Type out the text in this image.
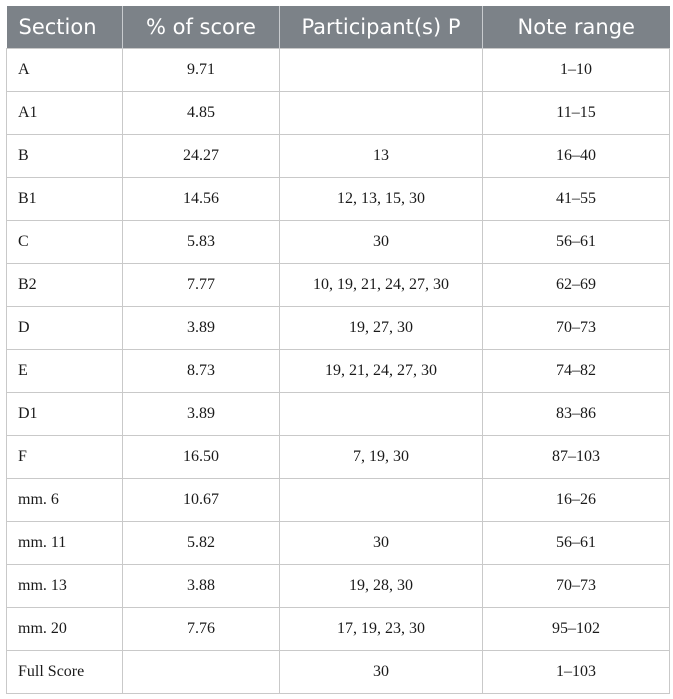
Section	% of score	Participant(s) P	Note range
A	9.71		1–10
A1	4.85		11–15
B	24.27	13	16–40
B1	14.56	12, 13, 15, 30	41–55
C	5.83	30	56–61
B2	7.77	10, 19, 21, 24, 27, 30	62–69
D	3.89	19, 27, 30	70–73
E	8.73	19, 21, 24, 27, 30	74–82
D1	3.89		83–86
F	16.50	7, 19, 30	87–103
mm. 6	10.67		16–26
mm. 11	5.82	30	56–61
mm. 13	3.88	19, 28, 30	70–73
mm. 20	7.76	17, 19, 23, 30	95–102
Full Score		30	1–103
